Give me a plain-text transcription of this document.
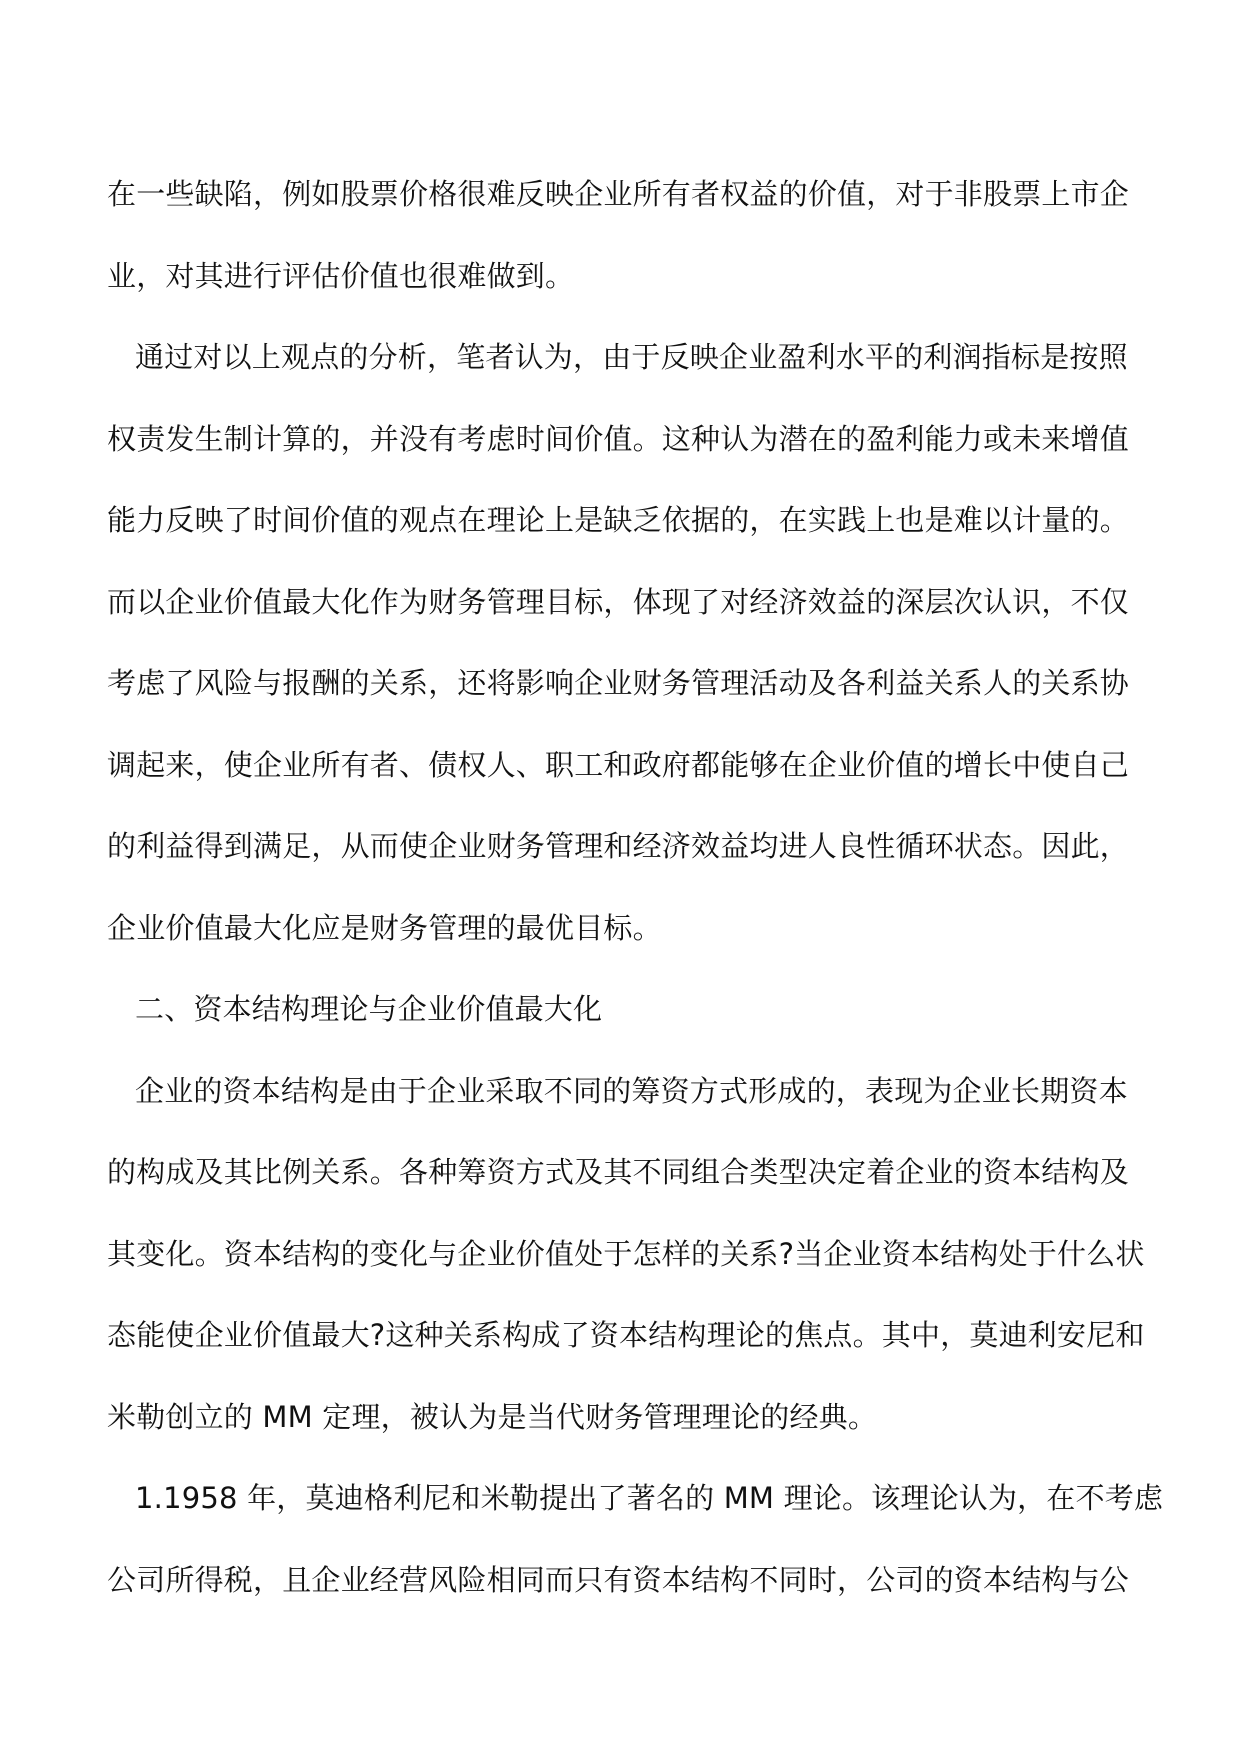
在一些缺陷，例如股票价格很难反映企业所有者权益的价值，对于非股票上市企

业，对其进行评估价值也很难做到。

通过对以上观点的分析，笔者认为，由于反映企业盈利水平的利润指标是按照

权责发生制计算的，并没有考虑时间价值。这种认为潜在的盈利能力或未来增值

能力反映了时间价值的观点在理论上是缺乏依据的，在实践上也是难以计量的。

而以企业价值最大化作为财务管理目标，体现了对经济效益的深层次认识，不仅

考虑了风险与报酬的关系，还将影响企业财务管理活动及各利益关系人的关系协

调起来，使企业所有者、债权人、职工和政府都能够在企业价值的增长中使自己

的利益得到满足，从而使企业财务管理和经济效益均进人良性循环状态。因此，

企业价值最大化应是财务管理的最优目标。

二、资本结构理论与企业价值最大化

企业的资本结构是由于企业采取不同的筹资方式形成的，表现为企业长期资本

的构成及其比例关系。各种筹资方式及其不同组合类型决定着企业的资本结构及

其变化。资本结构的变化与企业价值处于怎样的关系?当企业资本结构处于什么状

态能使企业价值最大?这种关系构成了资本结构理论的焦点。其中，莫迪利安尼和

米勒创立的 MM 定理，被认为是当代财务管理理论的经典。

1.1958 年，莫迪格利尼和米勒提出了著名的 MM 理论。该理论认为，在不考虑

公司所得税，且企业经营风险相同而只有资本结构不同时，公司的资本结构与公
